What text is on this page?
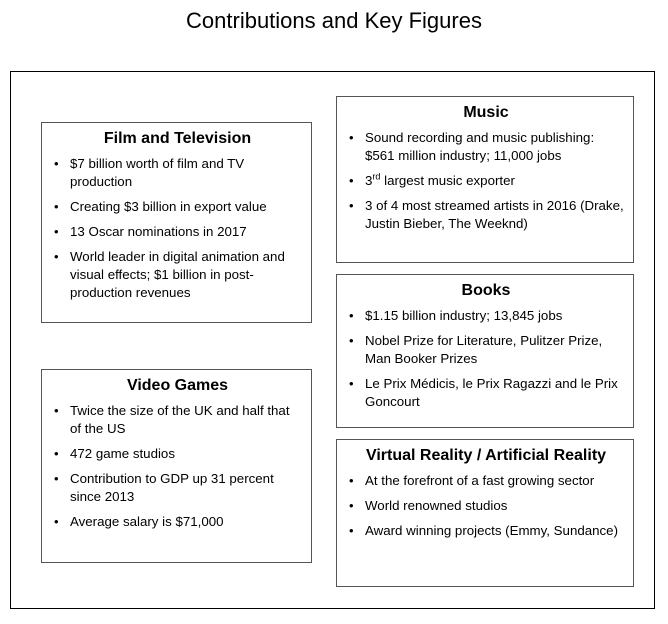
Contributions and Key Figures
Film and Television
• $7 billion worth of film and TV production
• Creating $3 billion in export value
• 13 Oscar nominations in 2017
• World leader in digital animation and visual effects; $1 billion in post-production revenues
Video Games
• Twice the size of the UK and half that of the US
• 472 game studios
• Contribution to GDP up 31 percent since 2013
• Average salary is $71,000
Music
• Sound recording and music publishing: $561 million industry; 11,000 jobs
• 3rd largest music exporter
• 3 of 4 most streamed artists in 2016 (Drake, Justin Bieber, The Weeknd)
Books
• $1.15 billion industry; 13,845 jobs
• Nobel Prize for Literature, Pulitzer Prize, Man Booker Prizes
• Le Prix Médicis, le Prix Ragazzi and le Prix Goncourt
Virtual Reality / Artificial Reality
• At the forefront of a fast growing sector
• World renowned studios
• Award winning projects (Emmy, Sundance)
